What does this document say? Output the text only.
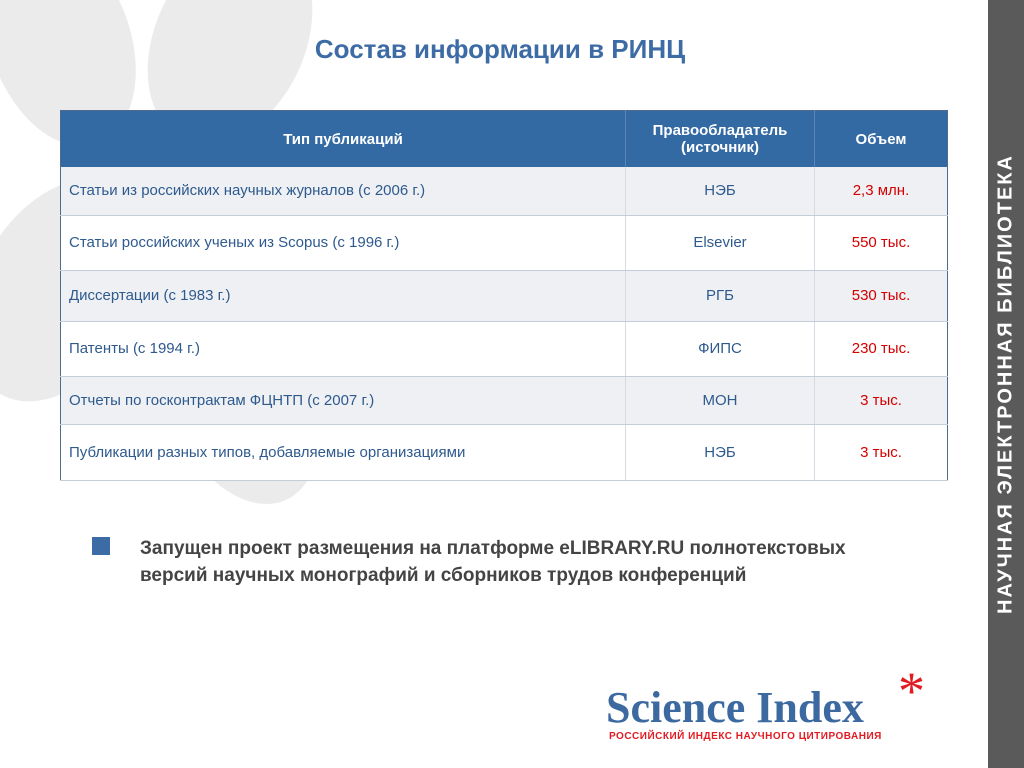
Состав информации в РИНЦ
Тип публикаций	Правообладатель (источник)	Объем
Статьи из российских научных журналов (с 2006 г.)	НЭБ	2,3 млн.
Статьи российских ученых из Scopus (с 1996 г.)	Elsevier	550 тыс.
Диссертации (с 1983 г.)	РГБ	530 тыс.
Патенты (с 1994 г.)	ФИПС	230 тыс.
Отчеты по госконтрактам ФЦНТП (с 2007 г.)	МОН	3 тыс.
Публикации разных типов, добавляемые организациями	НЭБ	3 тыс.
Запущен проект размещения на платформе eLIBRARY.RU полнотекстовых версий научных монографий и сборников трудов конференций
Science Index *
РОССИЙСКИЙ ИНДЕКС НАУЧНОГО ЦИТИРОВАНИЯ
НАУЧНАЯ ЭЛЕКТРОННАЯ БИБЛИОТЕКА
